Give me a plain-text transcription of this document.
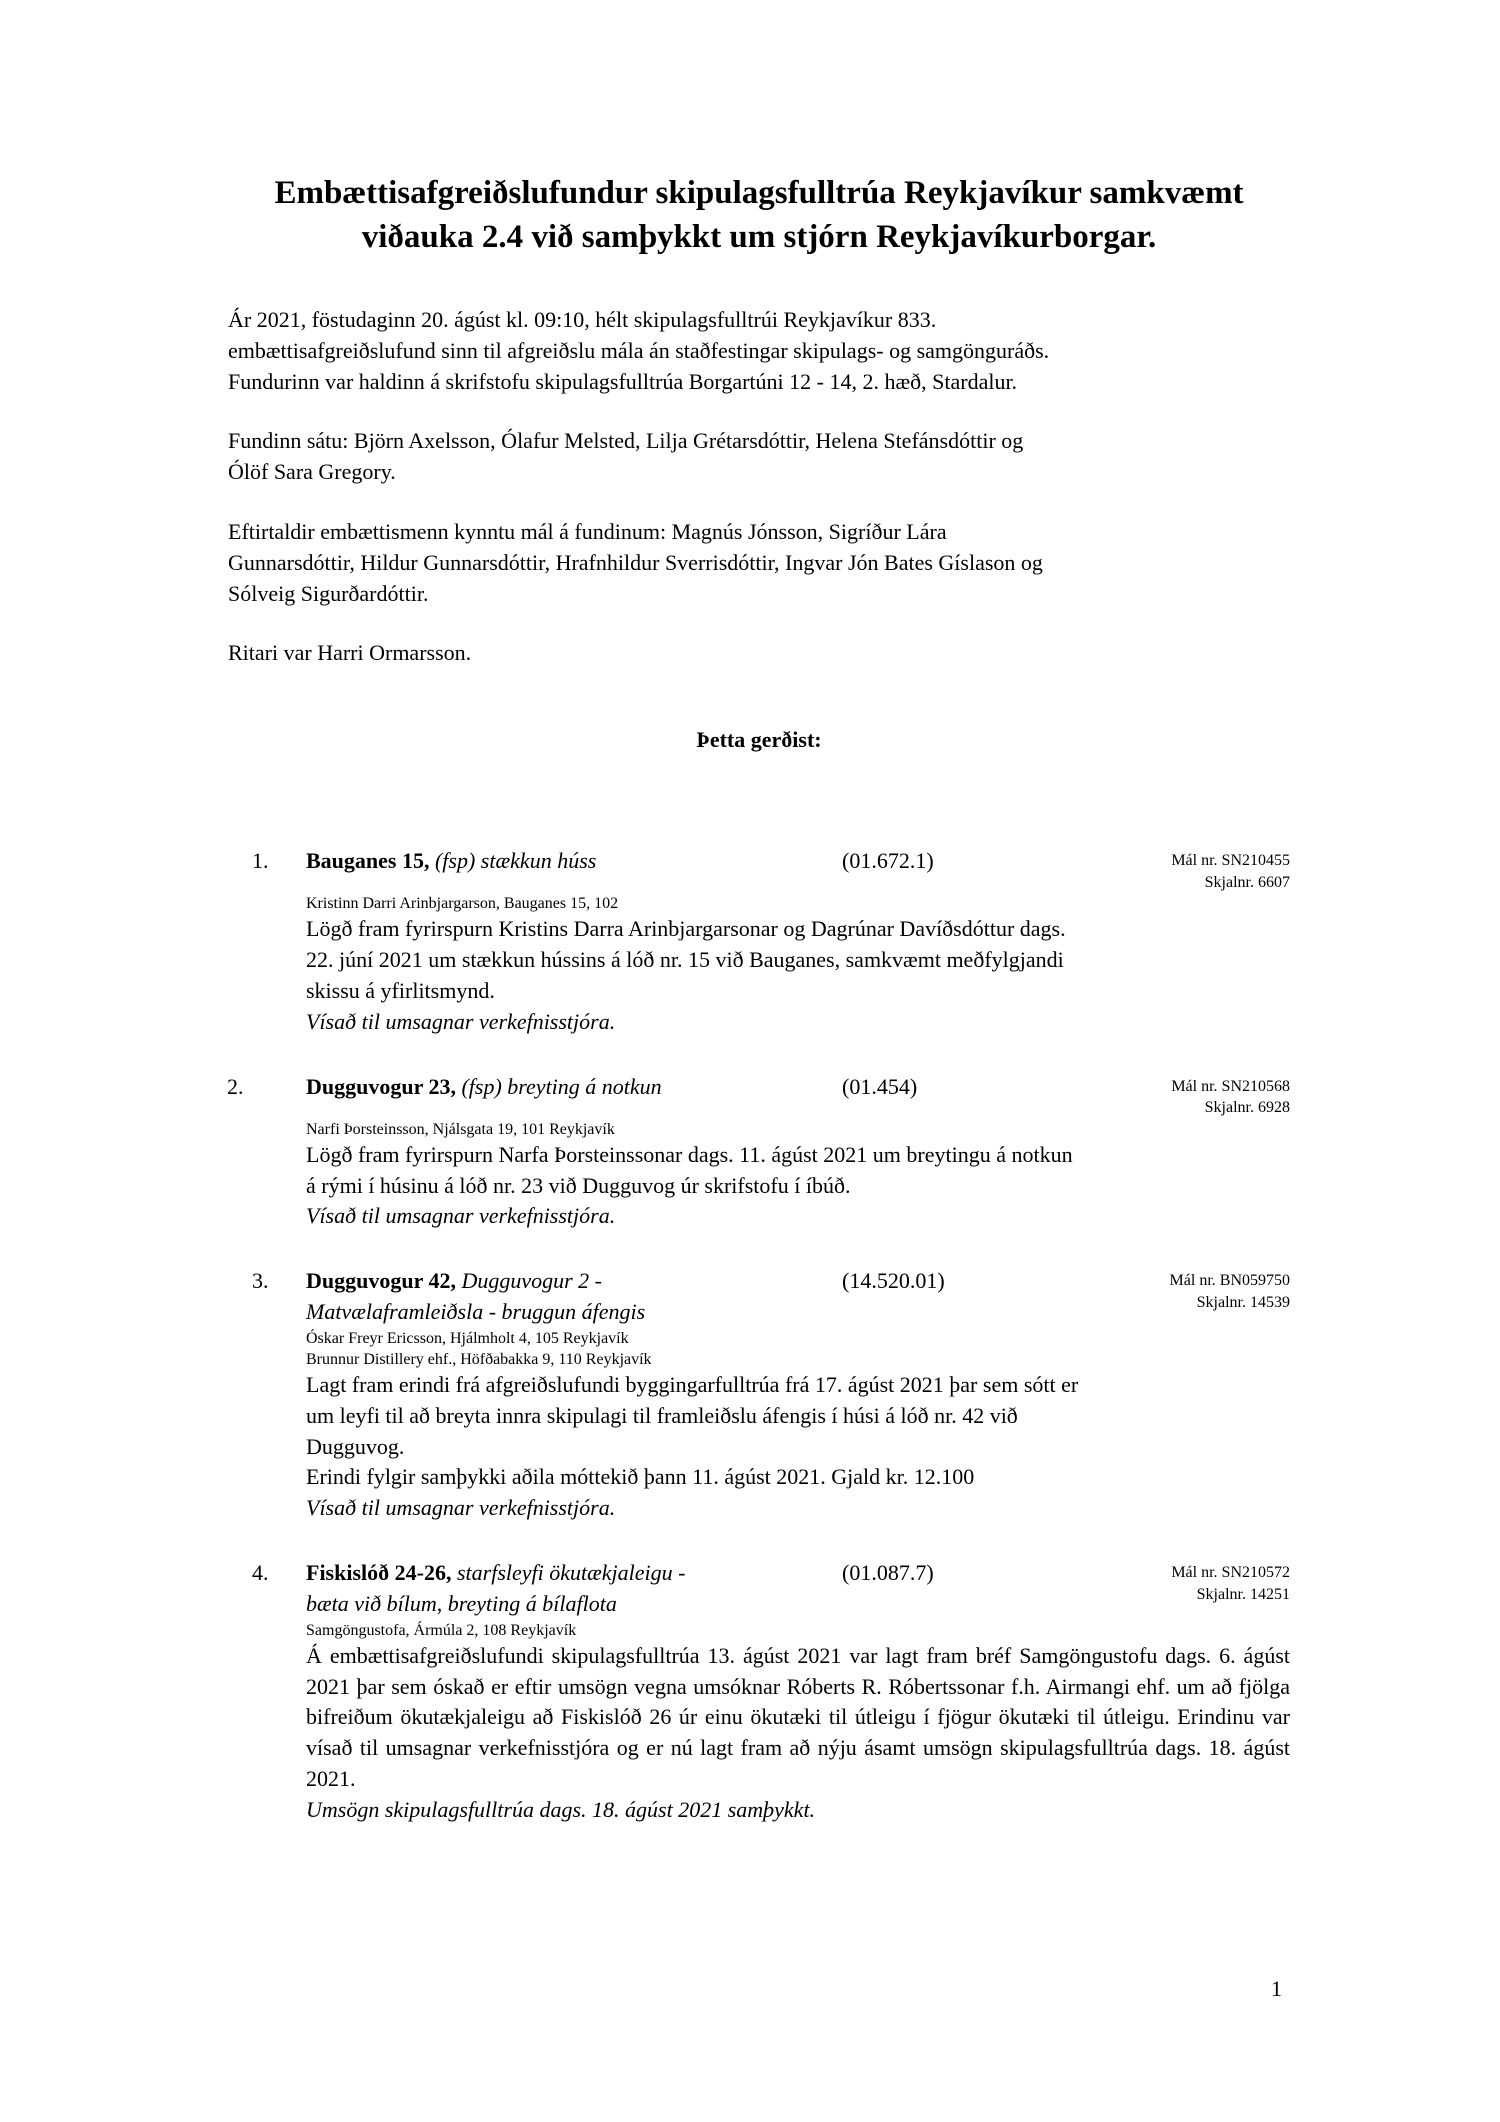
Embættisafgreiðslufundur skipulagsfulltrúa Reykjavíkur samkvæmt viðauka 2.4 við samþykkt um stjórn Reykjavíkurborgar.
Ár 2021, föstudaginn 20. ágúst kl. 09:10, hélt skipulagsfulltrúi Reykjavíkur 833.
embættisafgreiðslufund sinn til afgreiðslu mála án staðfestingar skipulags- og samgönguráðs.
Fundurinn var haldinn á skrifstofu skipulagsfulltrúa Borgartúni 12 - 14, 2. hæð, Stardalur.
Fundinn sátu: Björn Axelsson, Ólafur Melsted, Lilja Grétarsdóttir, Helena Stefánsdóttir og
Ólöf Sara Gregory.
Eftirtaldir embættismenn kynntu mál á fundinum: Magnús Jónsson, Sigríður Lára
Gunnarsdóttir, Hildur Gunnarsdóttir, Hrafnhildur Sverrisdóttir, Ingvar Jón Bates Gíslason og
Sólveig Sigurðardóttir.
Ritari var Harri Ormarsson.
Þetta gerðist:
1.	Bauganes 15, (fsp) stækkun húss	(01.672.1)	Mál nr. SN210455
Skjalnr. 6607
Kristinn Darri Arinbjargarson, Bauganes 15, 102
Lögð fram fyrirspurn Kristins Darra Arinbjargarsonar og Dagrúnar Davíðsdóttur dags.
22. júní 2021 um stækkun hússins á lóð nr. 15 við Bauganes, samkvæmt meðfylgjandi
skissu á yfirlitsmynd.
Vísað til umsagnar verkefnisstjóra.
2.	Dugguvogur 23, (fsp) breyting á notkun	(01.454)	Mál nr. SN210568
Skjalnr. 6928
Narfi Þorsteinsson, Njálsgata 19, 101 Reykjavík
Lögð fram fyrirspurn Narfa Þorsteinssonar dags. 11. ágúst 2021 um breytingu á notkun
á rými í húsinu á lóð nr. 23 við Dugguvog úr skrifstofu í íbúð.
Vísað til umsagnar verkefnisstjóra.
3.	Dugguvogur 42, Dugguvogur 2 -
Matvælaframleiðsla - bruggun áfengis
(14.520.01)	Mál nr. BN059750
Skjalnr. 14539
Óskar Freyr Ericsson, Hjálmholt 4, 105 Reykjavík
Brunnur Distillery ehf., Höfðabakka 9, 110 Reykjavík
Lagt fram erindi frá afgreiðslufundi byggingarfulltrúa frá 17. ágúst 2021 þar sem sótt er
um leyfi til að breyta innra skipulagi til framleiðslu áfengis í húsi á lóð nr. 42 við
Dugguvog.
Erindi fylgir samþykki aðila móttekið þann 11. ágúst 2021. Gjald kr. 12.100
Vísað til umsagnar verkefnisstjóra.
4.	Fiskislóð 24-26, starfsleyfi ökutækjaleigu -
bæta við bílum, breyting á bílaflota
(01.087.7)	Mál nr. SN210572
Skjalnr. 14251
Samgöngustofa, Ármúla 2, 108 Reykjavík
Á embættisafgreiðslufundi skipulagsfulltrúa 13. ágúst 2021 var lagt fram bréf Samgöngustofu dags. 6. ágúst 2021 þar sem óskað er eftir umsögn vegna umsóknar Róberts R. Róbertssonar f.h. Airmangi ehf. um að fjölga bifreiðum ökutækjaleigu að Fiskislóð 26 úr einu ökutæki til útleigu í fjögur ökutæki til útleigu. Erindinu var vísað til umsagnar verkefnisstjóra og er nú lagt fram að nýju ásamt umsögn skipulagsfulltrúa dags. 18. ágúst 2021.
Umsögn skipulagsfulltrúa dags. 18. ágúst 2021 samþykkt.
1
